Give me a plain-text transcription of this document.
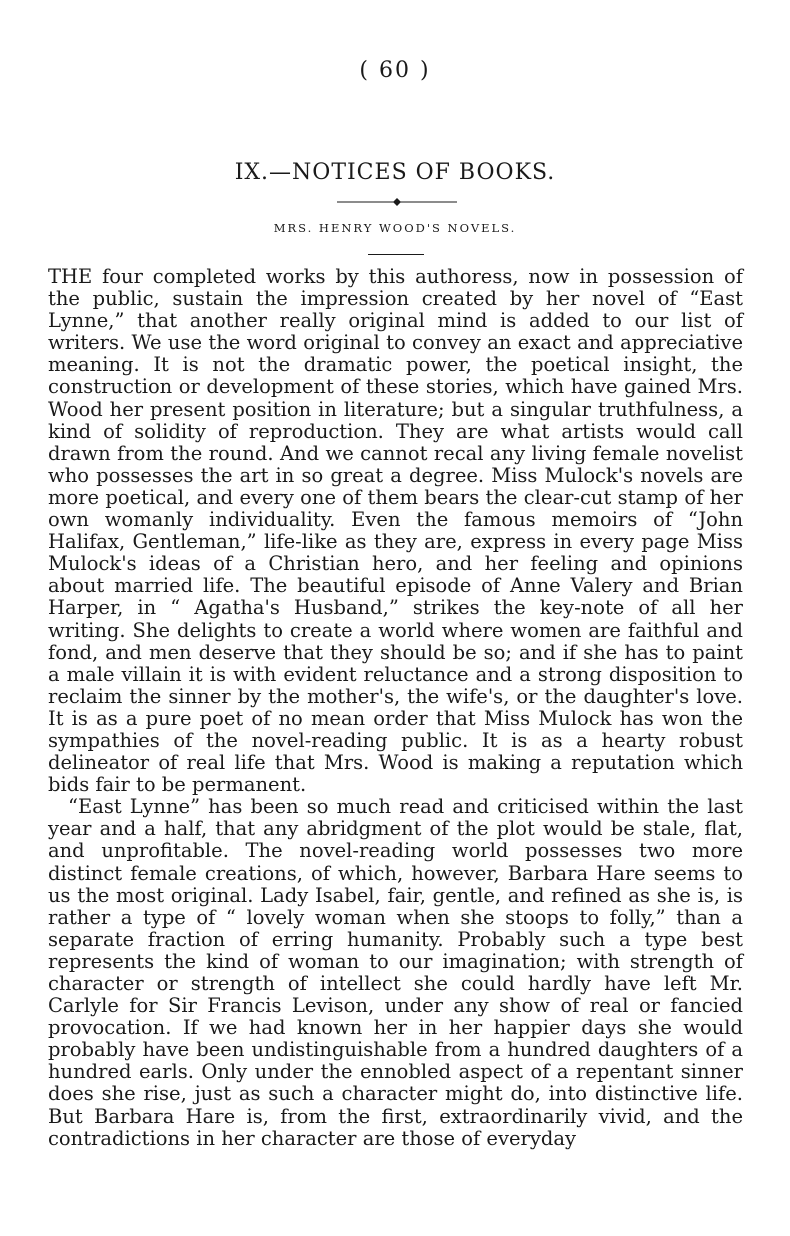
( 60 )
IX.—NOTICES OF BOOKS.
MRS. HENRY WOOD'S NOVELS.

THE four completed works by this authoress, now in possession of the public, sustain the impression created by her novel of “East Lynne,” that another really original mind is added to our list of writers. We use the word original to convey an exact and appreciative meaning. It is not the dramatic power, the poetical insight, the construction or development of these stories, which have gained Mrs. Wood her present position in literature; but a singular truthfulness, a kind of solidity of reproduction. They are what artists would call drawn from the round. And we cannot recal any living female novelist who possesses the art in so great a degree. Miss Mulock's novels are more poetical, and every one of them bears the clear-cut stamp of her own womanly individuality. Even the famous memoirs of “John Halifax, Gentleman,” life-like as they are, express in every page Miss Mulock's ideas of a Christian hero, and her feeling and opinions about married life. The beautiful episode of Anne Valery and Brian Harper, in “ Agatha's Husband,” strikes the key-note of all her writing. She delights to create a world where women are faithful and fond, and men deserve that they should be so; and if she has to paint a male villain it is with evident reluctance and a strong disposition to reclaim the sinner by the mother's, the wife's, or the daughter's love. It is as a pure poet of no mean order that Miss Mulock has won the sympathies of the novel-reading public. It is as a hearty robust delineator of real life that Mrs. Wood is making a reputation which bids fair to be permanent.

“East Lynne” has been so much read and criticised within the last year and a half, that any abridgment of the plot would be stale, flat, and unprofitable. The novel-reading world possesses two more distinct female creations, of which, however, Barbara Hare seems to us the most original. Lady Isabel, fair, gentle, and refined as she is, is rather a type of “ lovely woman when she stoops to folly,” than a separate fraction of erring humanity. Probably such a type best represents the kind of woman to our imagination; with strength of character or strength of intellect she could hardly have left Mr. Carlyle for Sir Francis Levison, under any show of real or fancied provocation. If we had known her in her happier days she would probably have been undistinguishable from a hundred daughters of a hundred earls. Only under the ennobled aspect of a repentant sinner does she rise, just as such a character might do, into distinctive life. But Barbara Hare is, from the first, extraordinarily vivid, and the contradictions in her character are those of everyday
